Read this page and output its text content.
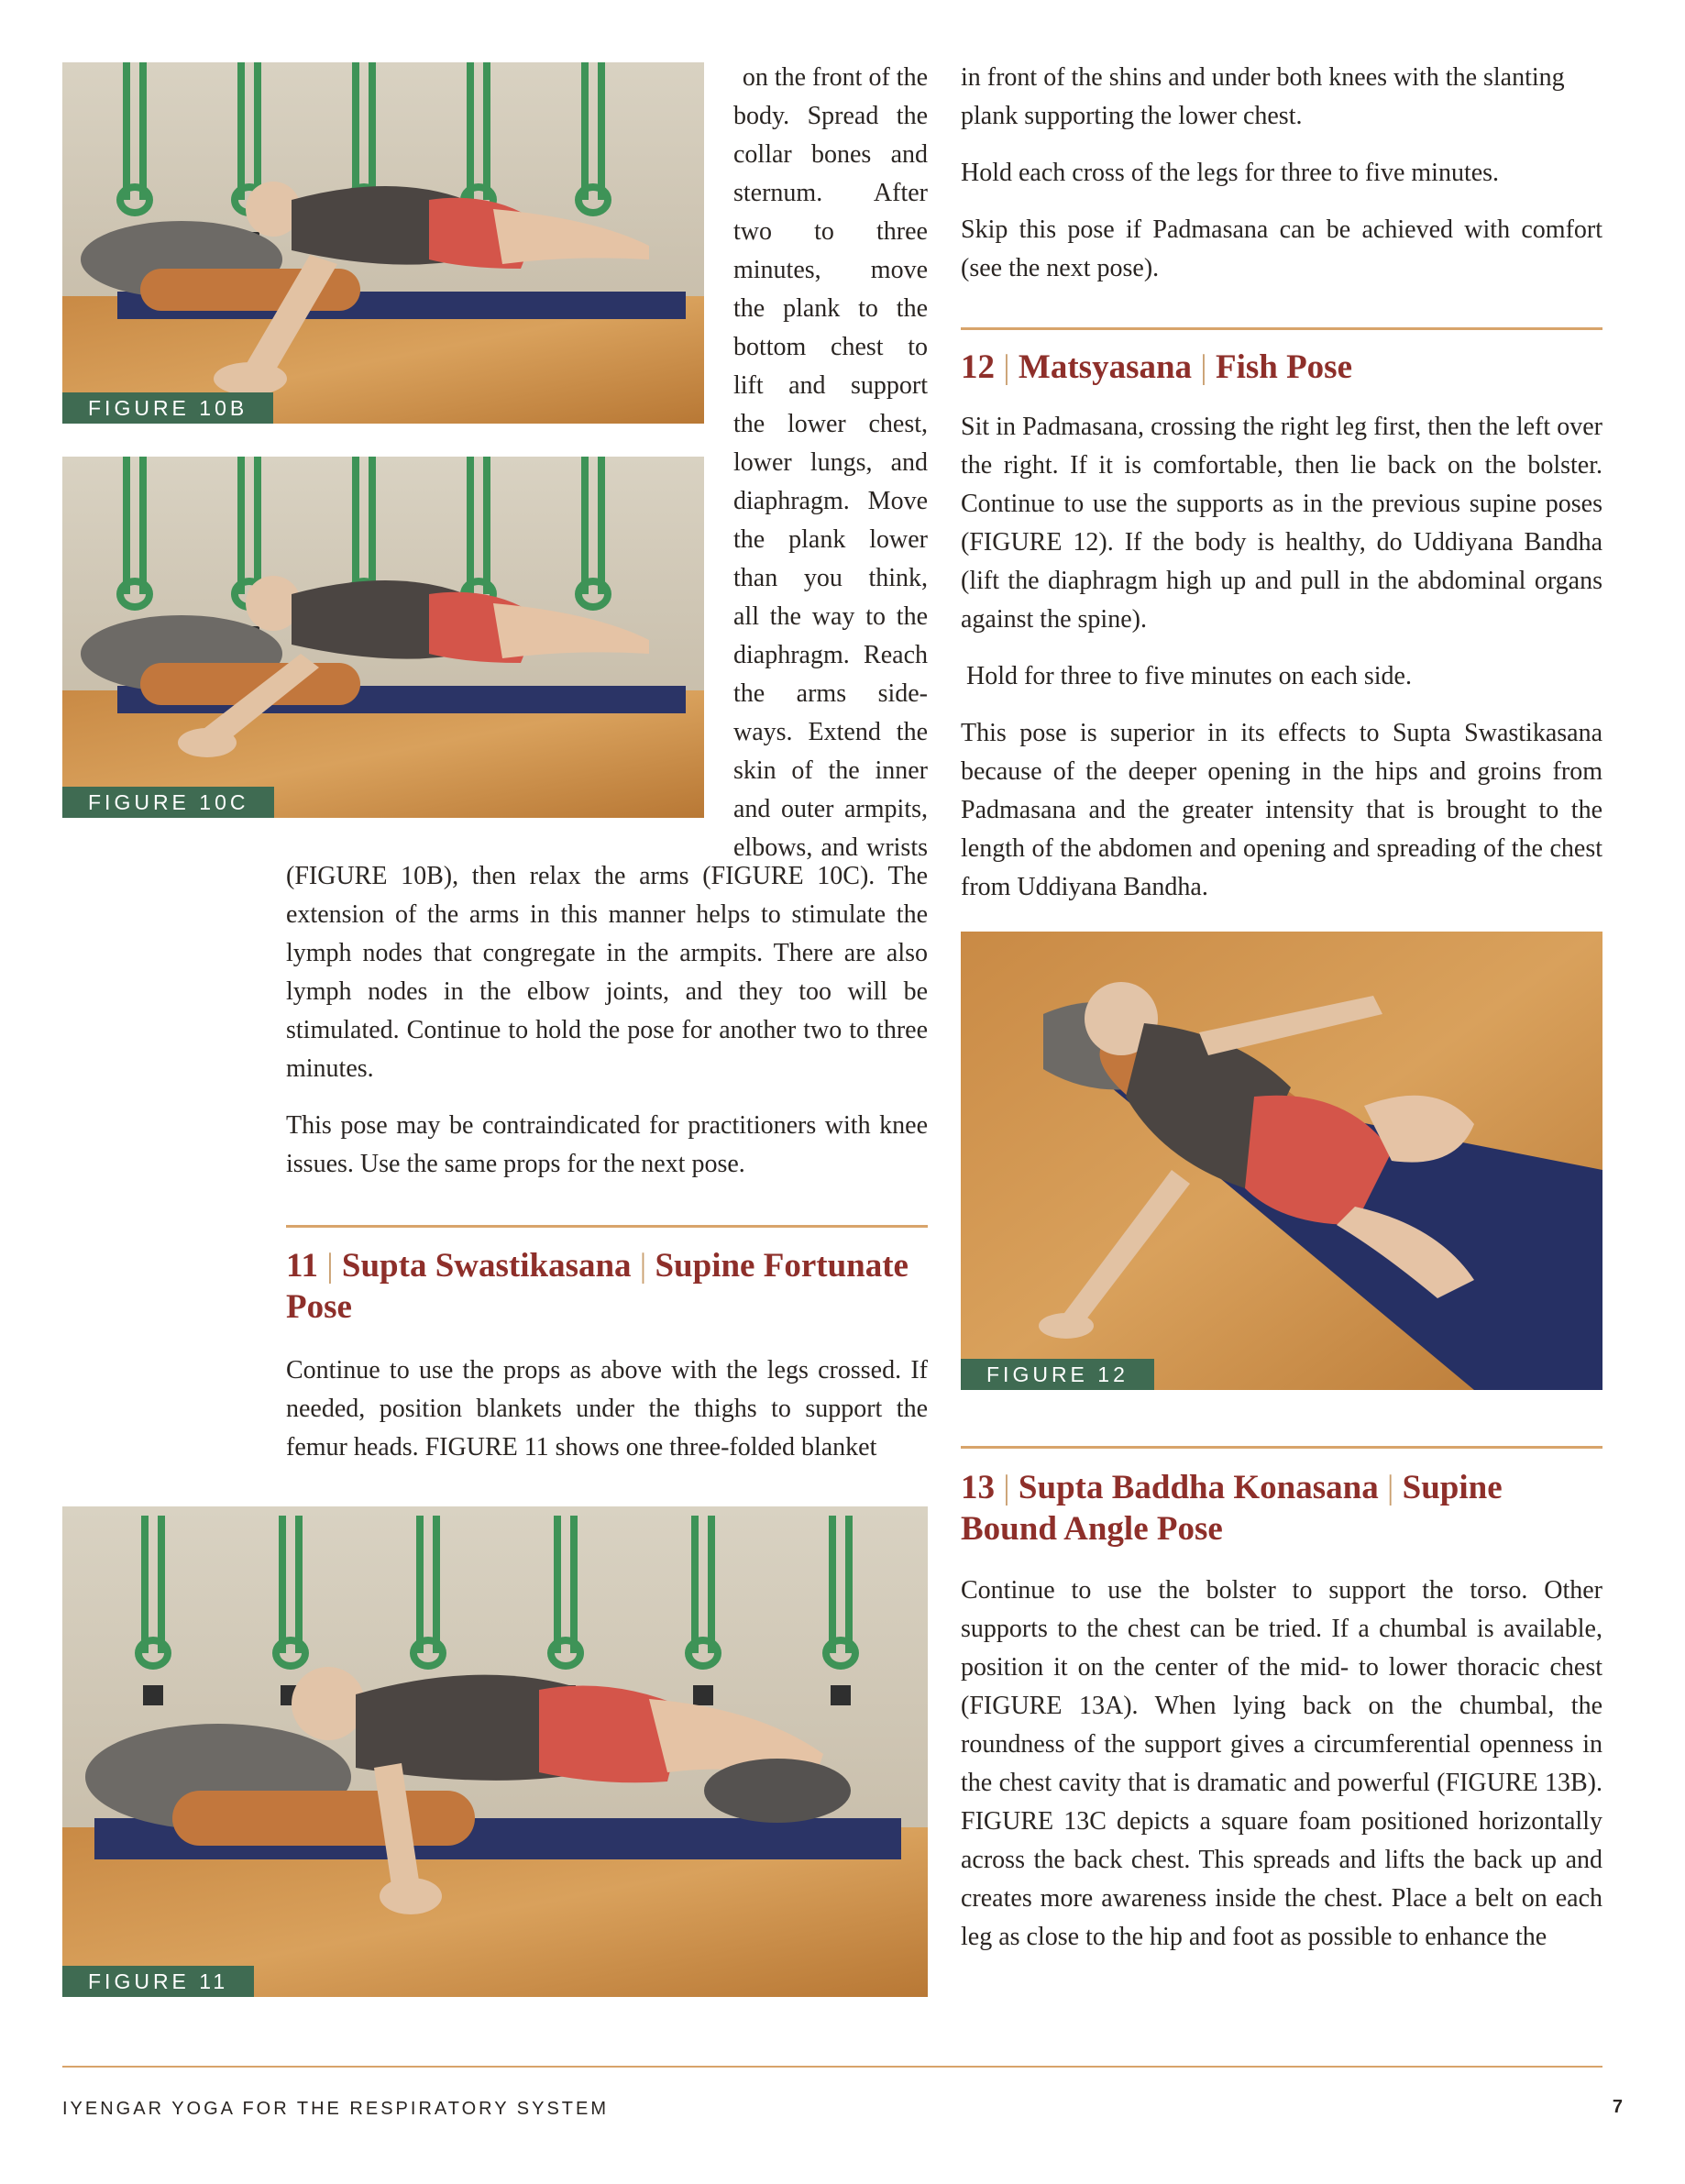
FIGURE 10B
FIGURE 10C
on the front of the
body. Spread the
collar bones and
sternum. After
two to three
minutes, move
the plank to the
bottom chest to
lift and support
the lower chest,
lower lungs, and
diaphragm. Move
the plank lower
than you think,
all the way to the
diaphragm. Reach
the arms side-
ways. Extend the
skin of the inner
and outer armpits,
elbows, and wrists

(FIGURE 10B), then relax the arms (FIGURE 10C). The extension of the arms in this manner helps to stimulate the lymph nodes that congregate in the armpits. There are also lymph nodes in the elbow joints, and they too will be stimulated. Continue to hold the pose for another two to three minutes.

This pose may be contraindicated for practitioners with knee issues. Use the same props for the next pose.

11 | Supta Swastikasana | Supine Fortunate Pose

Continue to use the props as above with the legs crossed. If needed, position blankets under the thighs to support the femur heads. FIGURE 11 shows one three-folded blanket

FIGURE 11
in front of the shins and under both knees with the slanting
plank supporting the lower chest.

Hold each cross of the legs for three to five minutes.

Skip this pose if Padmasana can be achieved with comfort (see the next pose).

12 | Matsyasana | Fish Pose

Sit in Padmasana, crossing the right leg first, then the left over the right. If it is comfortable, then lie back on the bolster. Continue to use the supports as in the previous supine poses (FIGURE 12). If the body is healthy, do Uddiyana Bandha (lift the diaphragm high up and pull in the abdominal organs against the spine).

Hold for three to five minutes on each side.

This pose is superior in its effects to Supta Swastikasana because of the deeper opening in the hips and groins from Padmasana and the greater intensity that is brought to the length of the abdomen and opening and spreading of the chest from Uddiyana Bandha.

FIGURE 12
13 | Supta Baddha Konasana | Supine Bound Angle Pose

Continue to use the bolster to support the torso. Other supports to the chest can be tried. If a chumbal is available, position it on the center of the mid- to lower thoracic chest (FIGURE 13A). When lying back on the chumbal, the roundness of the support gives a circumferential openness in the chest cavity that is dramatic and powerful (FIGURE 13B). FIGURE 13C depicts a square foam positioned horizontally across the back chest. This spreads and lifts the back up and creates more awareness inside the chest. Place a belt on each leg as close to the hip and foot as possible to enhance the

IYENGAR YOGA FOR THE RESPIRATORY SYSTEM	7
